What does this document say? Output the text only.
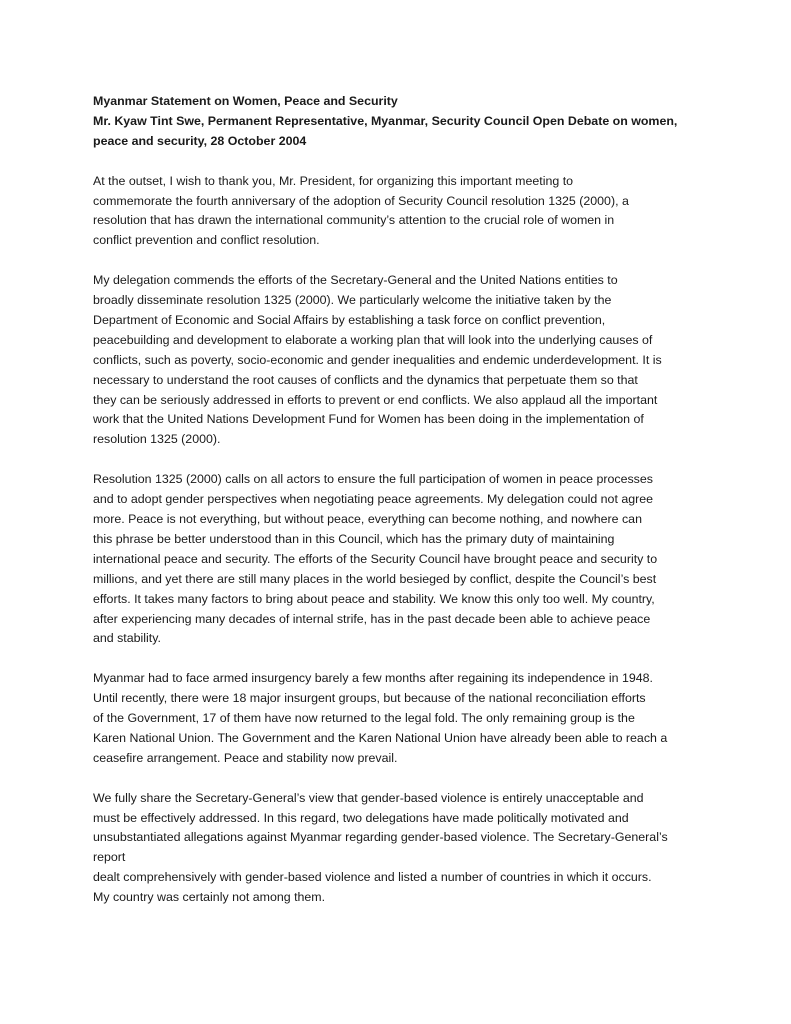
Myanmar Statement on Women, Peace and Security
Mr. Kyaw Tint Swe, Permanent Representative, Myanmar, Security Council Open Debate on women,
peace and security, 28 October 2004
At the outset, I wish to thank you, Mr. President, for organizing this important meeting to
commemorate the fourth anniversary of the adoption of Security Council resolution 1325 (2000), a
resolution that has drawn the international community’s attention to the crucial role of women in
conflict prevention and conflict resolution.
My delegation commends the efforts of the Secretary-General and the United Nations entities to
broadly disseminate resolution 1325 (2000). We particularly welcome the initiative taken by the
Department of Economic and Social Affairs by establishing a task force on conflict prevention,
peacebuilding and development to elaborate a working plan that will look into the underlying causes of
conflicts, such as poverty, socio-economic and gender inequalities and endemic underdevelopment. It is
necessary to understand the root causes of conflicts and the dynamics that perpetuate them so that
they can be seriously addressed in efforts to prevent or end conflicts. We also applaud all the important
work that the United Nations Development Fund for Women has been doing in the implementation of
resolution 1325 (2000).
Resolution 1325 (2000) calls on all actors to ensure the full participation of women in peace processes
and to adopt gender perspectives when negotiating peace agreements. My delegation could not agree
more. Peace is not everything, but without peace, everything can become nothing, and nowhere can
this phrase be better understood than in this Council, which has the primary duty of maintaining
international peace and security. The efforts of the Security Council have brought peace and security to
millions, and yet there are still many places in the world besieged by conflict, despite the Council’s best
efforts. It takes many factors to bring about peace and stability. We know this only too well. My country,
after experiencing many decades of internal strife, has in the past decade been able to achieve peace
and stability.
Myanmar had to face armed insurgency barely a few months after regaining its independence in 1948.
Until recently, there were 18 major insurgent groups, but because of the national reconciliation efforts
of the Government, 17 of them have now returned to the legal fold. The only remaining group is the
Karen National Union. The Government and the Karen National Union have already been able to reach a
ceasefire arrangement. Peace and stability now prevail.
We fully share the Secretary-General’s view that gender-based violence is entirely unacceptable and
must be effectively addressed. In this regard, two delegations have made politically motivated and
unsubstantiated allegations against Myanmar regarding gender-based violence. The Secretary-General’s
report
dealt comprehensively with gender-based violence and listed a number of countries in which it occurs.
My country was certainly not among them.
